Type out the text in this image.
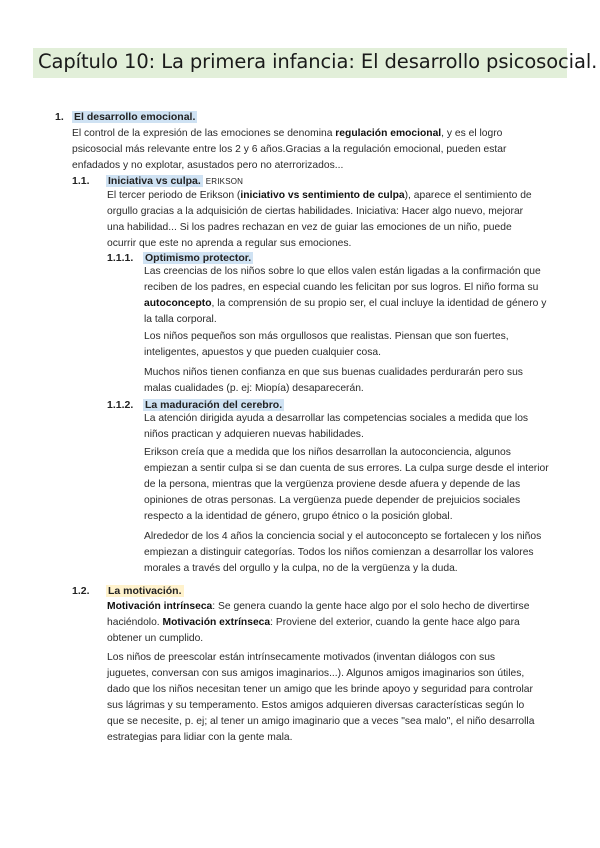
Capítulo 10: La primera infancia: El desarrollo psicosocial.
1. El desarrollo emocional.
El control de la expresión de las emociones se denomina regulación emocional, y es el logro psicosocial más relevante entre los 2 y 6 años.Gracias a la regulación emocional, pueden estar enfadados y no explotar, asustados pero no aterrorizados...
1.1. Iniciativa vs culpa. ERIKSON
El tercer periodo de Erikson (iniciativo vs sentimiento de culpa), aparece el sentimiento de orgullo gracias a la adquisición de ciertas habilidades. Iniciativa: Hacer algo nuevo, mejorar una habilidad... Si los padres rechazan en vez de guiar las emociones de un niño, puede ocurrir que este no aprenda a regular sus emociones.
1.1.1. Optimismo protector.
Las creencias de los niños sobre lo que ellos valen están ligadas a la confirmación que reciben de los padres, en especial cuando les felicitan por sus logros. El niño forma su autoconcepto, la comprensión de su propio ser, el cual incluye la identidad de género y la talla corporal.
Los niños pequeños son más orgullosos que realistas. Piensan que son fuertes, inteligentes, apuestos y que pueden cualquier cosa.
Muchos niños tienen confianza en que sus buenas cualidades perdurarán pero sus malas cualidades (p. ej: Miopía) desaparecerán.
1.1.2. La maduración del cerebro.
La atención dirigida ayuda a desarrollar las competencias sociales a medida que los niños practican y adquieren nuevas habilidades.
Erikson creía que a medida que los niños desarrollan la autoconciencia, algunos empiezan a sentir culpa si se dan cuenta de sus errores. La culpa surge desde el interior de la persona, mientras que la vergüenza proviene desde afuera y depende de las opiniones de otras personas. La vergüenza puede depender de prejuicios sociales respecto a la identidad de género, grupo étnico o la posición global.
Alrededor de los 4 años la conciencia social y el autoconcepto se fortalecen y los niños empiezan a distinguir categorías. Todos los niños comienzan a desarrollar los valores morales a través del orgullo y la culpa, no de la vergüenza y la duda.
1.2. La motivación.
Motivación intrínseca: Se genera cuando la gente hace algo por el solo hecho de divertirse haciéndolo. Motivación extrínseca: Proviene del exterior, cuando la gente hace algo para obtener un cumplido.
Los niños de preescolar están intrínsecamente motivados (inventan diálogos con sus juguetes, conversan con sus amigos imaginarios...). Algunos amigos imaginarios son útiles, dado que los niños necesitan tener un amigo que les brinde apoyo y seguridad para controlar sus lágrimas y su temperamento. Estos amigos adquieren diversas características según lo que se necesite, p. ej; al tener un amigo imaginario que a veces "sea malo", el niño desarrolla estrategias para lidiar con la gente mala.
